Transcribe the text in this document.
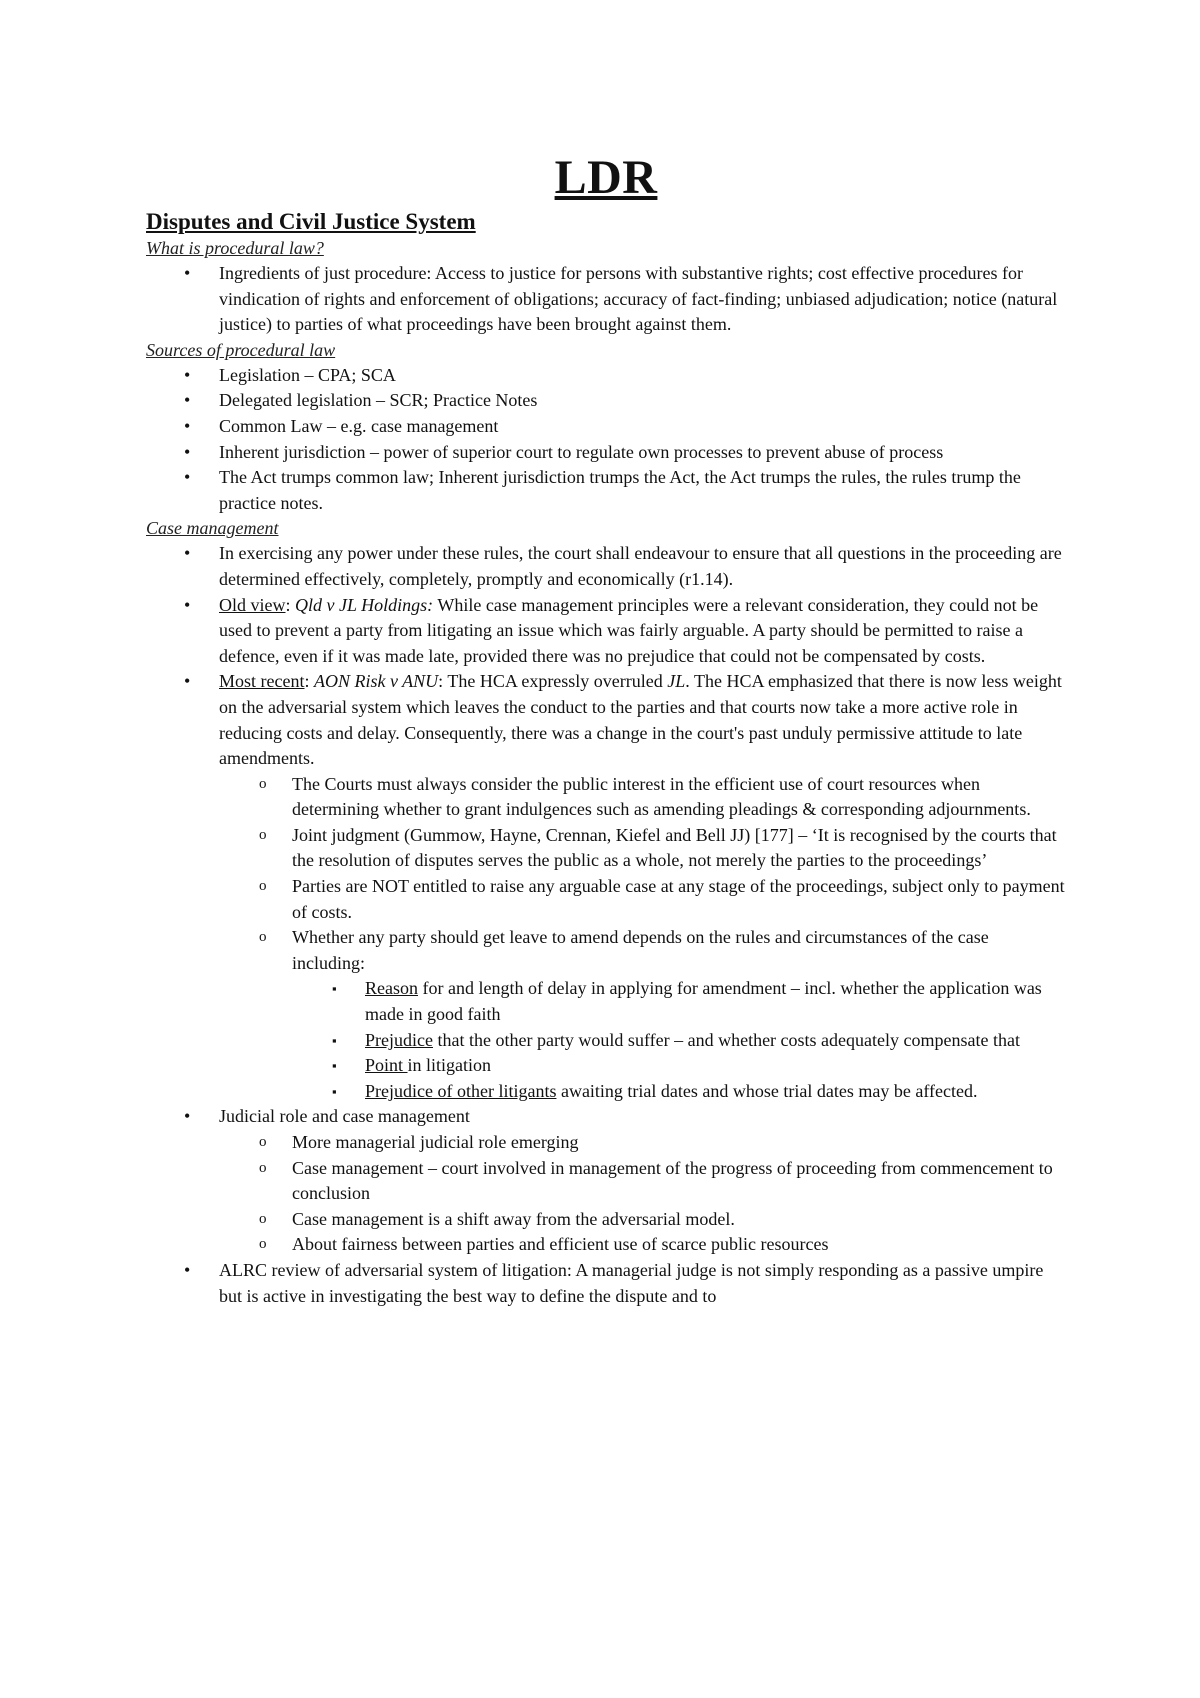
LDR
Disputes and Civil Justice System
What is procedural law?
• Ingredients of just procedure: Access to justice for persons with substantive rights; cost effective procedures for vindication of rights and enforcement of obligations; accuracy of fact-finding; unbiased adjudication; notice (natural justice) to parties of what proceedings have been brought against them.
Sources of procedural law
• Legislation – CPA; SCA
• Delegated legislation – SCR; Practice Notes
• Common Law – e.g. case management
• Inherent jurisdiction – power of superior court to regulate own processes to prevent abuse of process
• The Act trumps common law; Inherent jurisdiction trumps the Act, the Act trumps the rules, the rules trump the practice notes.
Case management
• In exercising any power under these rules, the court shall endeavour to ensure that all questions in the proceeding are determined effectively, completely, promptly and economically (r1.14).
• Old view: Qld v JL Holdings: While case management principles were a relevant consideration, they could not be used to prevent a party from litigating an issue which was fairly arguable. A party should be permitted to raise a defence, even if it was made late, provided there was no prejudice that could not be compensated by costs.
• Most recent: AON Risk v ANU: The HCA expressly overruled JL. The HCA emphasized that there is now less weight on the adversarial system which leaves the conduct to the parties and that courts now take a more active role in reducing costs and delay. Consequently, there was a change in the court's past unduly permissive attitude to late amendments.
o The Courts must always consider the public interest in the efficient use of court resources when determining whether to grant indulgences such as amending pleadings & corresponding adjournments.
o Joint judgment (Gummow, Hayne, Crennan, Kiefel and Bell JJ) [177] – ‘It is recognised by the courts that the resolution of disputes serves the public as a whole, not merely the parties to the proceedings’
o Parties are NOT entitled to raise any arguable case at any stage of the proceedings, subject only to payment of costs.
o Whether any party should get leave to amend depends on the rules and circumstances of the case including:
▪ Reason for and length of delay in applying for amendment – incl. whether the application was made in good faith
▪ Prejudice that the other party would suffer – and whether costs adequately compensate that
▪ Point in litigation
▪ Prejudice of other litigants awaiting trial dates and whose trial dates may be affected.
• Judicial role and case management
o More managerial judicial role emerging
o Case management – court involved in management of the progress of proceeding from commencement to conclusion
o Case management is a shift away from the adversarial model.
o About fairness between parties and efficient use of scarce public resources
• ALRC review of adversarial system of litigation: A managerial judge is not simply responding as a passive umpire but is active in investigating the best way to define the dispute and to
